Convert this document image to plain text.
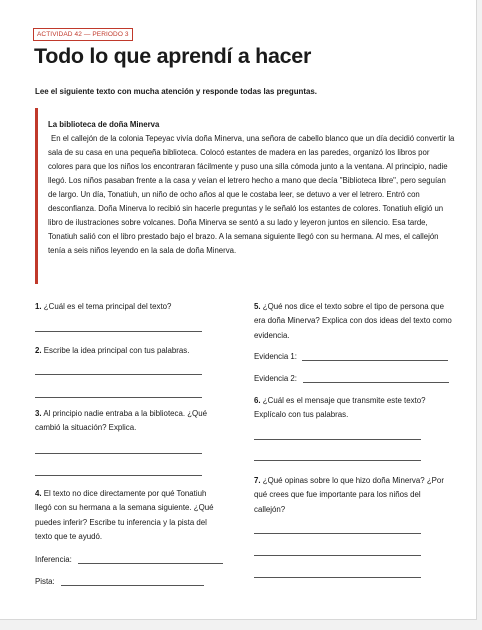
ACTIVIDAD 42 — PERIODO 3
Todo lo que aprendí a hacer
Lee el siguiente texto con mucha atención y responde todas las preguntas.

La biblioteca de doña Minerva

En el callejón de la colonia Tepeyac vivía doña Minerva, una señora de cabello blanco que un día decidió convertir la sala de su casa en una pequeña biblioteca. Colocó estantes de madera en las paredes, organizó los libros por colores para que los niños los encontraran fácilmente y puso una silla cómoda junto a la ventana. Al principio, nadie llegó. Los niños pasaban frente a la casa y veían el letrero hecho a mano que decía "Biblioteca libre", pero seguían de largo. Un día, Tonatiuh, un niño de ocho años al que le costaba leer, se detuvo a ver el letrero. Entró con desconfianza. Doña Minerva lo recibió sin hacerle preguntas y le señaló los estantes de colores. Tonatiuh eligió un libro de ilustraciones sobre volcanes. Doña Minerva se sentó a su lado y leyeron juntos en silencio. Esa tarde, Tonatiuh salió con el libro prestado bajo el brazo. A la semana siguiente llegó con su hermana. Al mes, el callejón tenía a seis niños leyendo en la sala de doña Minerva.

1. ¿Cuál es el tema principal del texto?
2. Escribe la idea principal con tus palabras.
3. Al principio nadie entraba a la biblioteca. ¿Qué cambió la situación? Explica.
4. El texto no dice directamente por qué Tonatiuh llegó con su hermana a la semana siguiente. ¿Qué puedes inferir? Escribe tu inferencia y la pista del texto que te ayudó.
Inferencia:
Pista:
5. ¿Qué nos dice el texto sobre el tipo de persona que era doña Minerva? Explica con dos ideas del texto como evidencia.
Evidencia 1:
Evidencia 2:
6. ¿Cuál es el mensaje que transmite este texto? Explícalo con tus palabras.
7. ¿Qué opinas sobre lo que hizo doña Minerva? ¿Por qué crees que fue importante para los niños del callejón?
